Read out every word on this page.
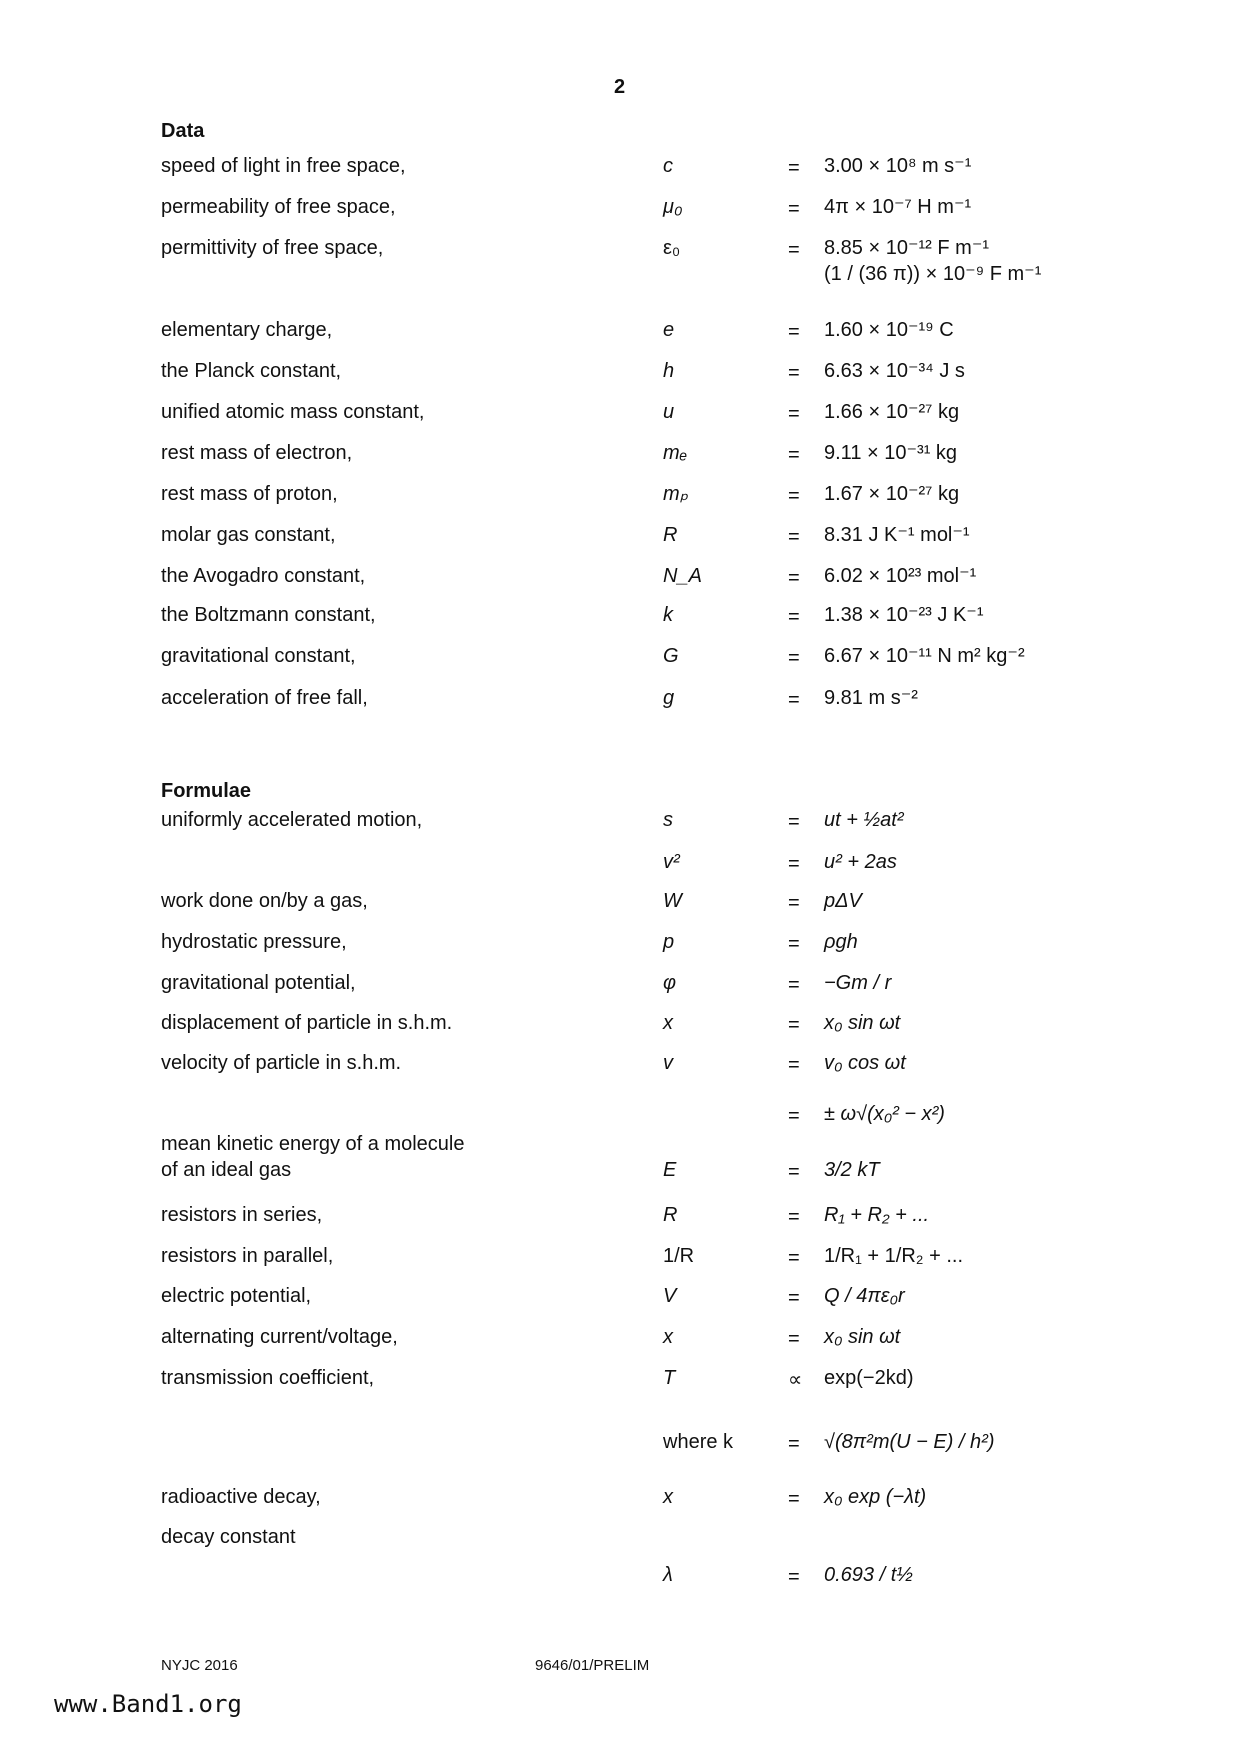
2
Data
speed of light in free space,	c	= 3.00 × 10⁸ m s⁻¹
permeability of free space,	μ₀	= 4π × 10⁻⁷ H m⁻¹
permittivity of free space,	ε₀	= 8.85 × 10⁻¹² F m⁻¹
(1 / (36 π)) × 10⁻⁹ F m⁻¹
elementary charge,	e	= 1.60 × 10⁻¹⁹ C
the Planck constant,	h	= 6.63 × 10⁻³⁴ J s
unified atomic mass constant,	u	= 1.66 × 10⁻²⁷ kg
rest mass of electron,	mₑ	= 9.11 × 10⁻³¹ kg
rest mass of proton,	mₚ	= 1.67 × 10⁻²⁷ kg
molar gas constant,	R	= 8.31 J K⁻¹ mol⁻¹
the Avogadro constant,	N_A	= 6.02 × 10²³ mol⁻¹
the Boltzmann constant,	k	= 1.38 × 10⁻²³ J K⁻¹
gravitational constant,	G	= 6.67 × 10⁻¹¹ N m² kg⁻²
acceleration of free fall,	g	= 9.81 m s⁻²
Formulae
uniformly accelerated motion,	s	= ut + ½at²
v²	= u² + 2as
work done on/by a gas,	W	= pΔV
hydrostatic pressure,	p	= ρgh
gravitational potential,	φ	= −Gm / r
displacement of particle in s.h.m.	x	= x₀ sin ωt
velocity of particle in s.h.m.	v	= v₀ cos ωt
= ± ω√(x₀² − x²)
mean kinetic energy of a molecule
of an ideal gas	E	= 3/2 kT
resistors in series,	R	= R₁ + R₂ + ...
resistors in parallel,	1/R	= 1/R₁ + 1/R₂ + ...
electric potential,	V	= Q / 4πε₀r
alternating current/voltage,	x	= x₀ sin ωt
transmission coefficient,	T	∝ exp(−2kd)
where k	= √(8π²m(U − E) / h²)
radioactive decay,	x	= x₀ exp (−λt)
decay constant
λ	= 0.693 / t½
NYJC 2016	9646/01/PRELIM
www.Band1.org
